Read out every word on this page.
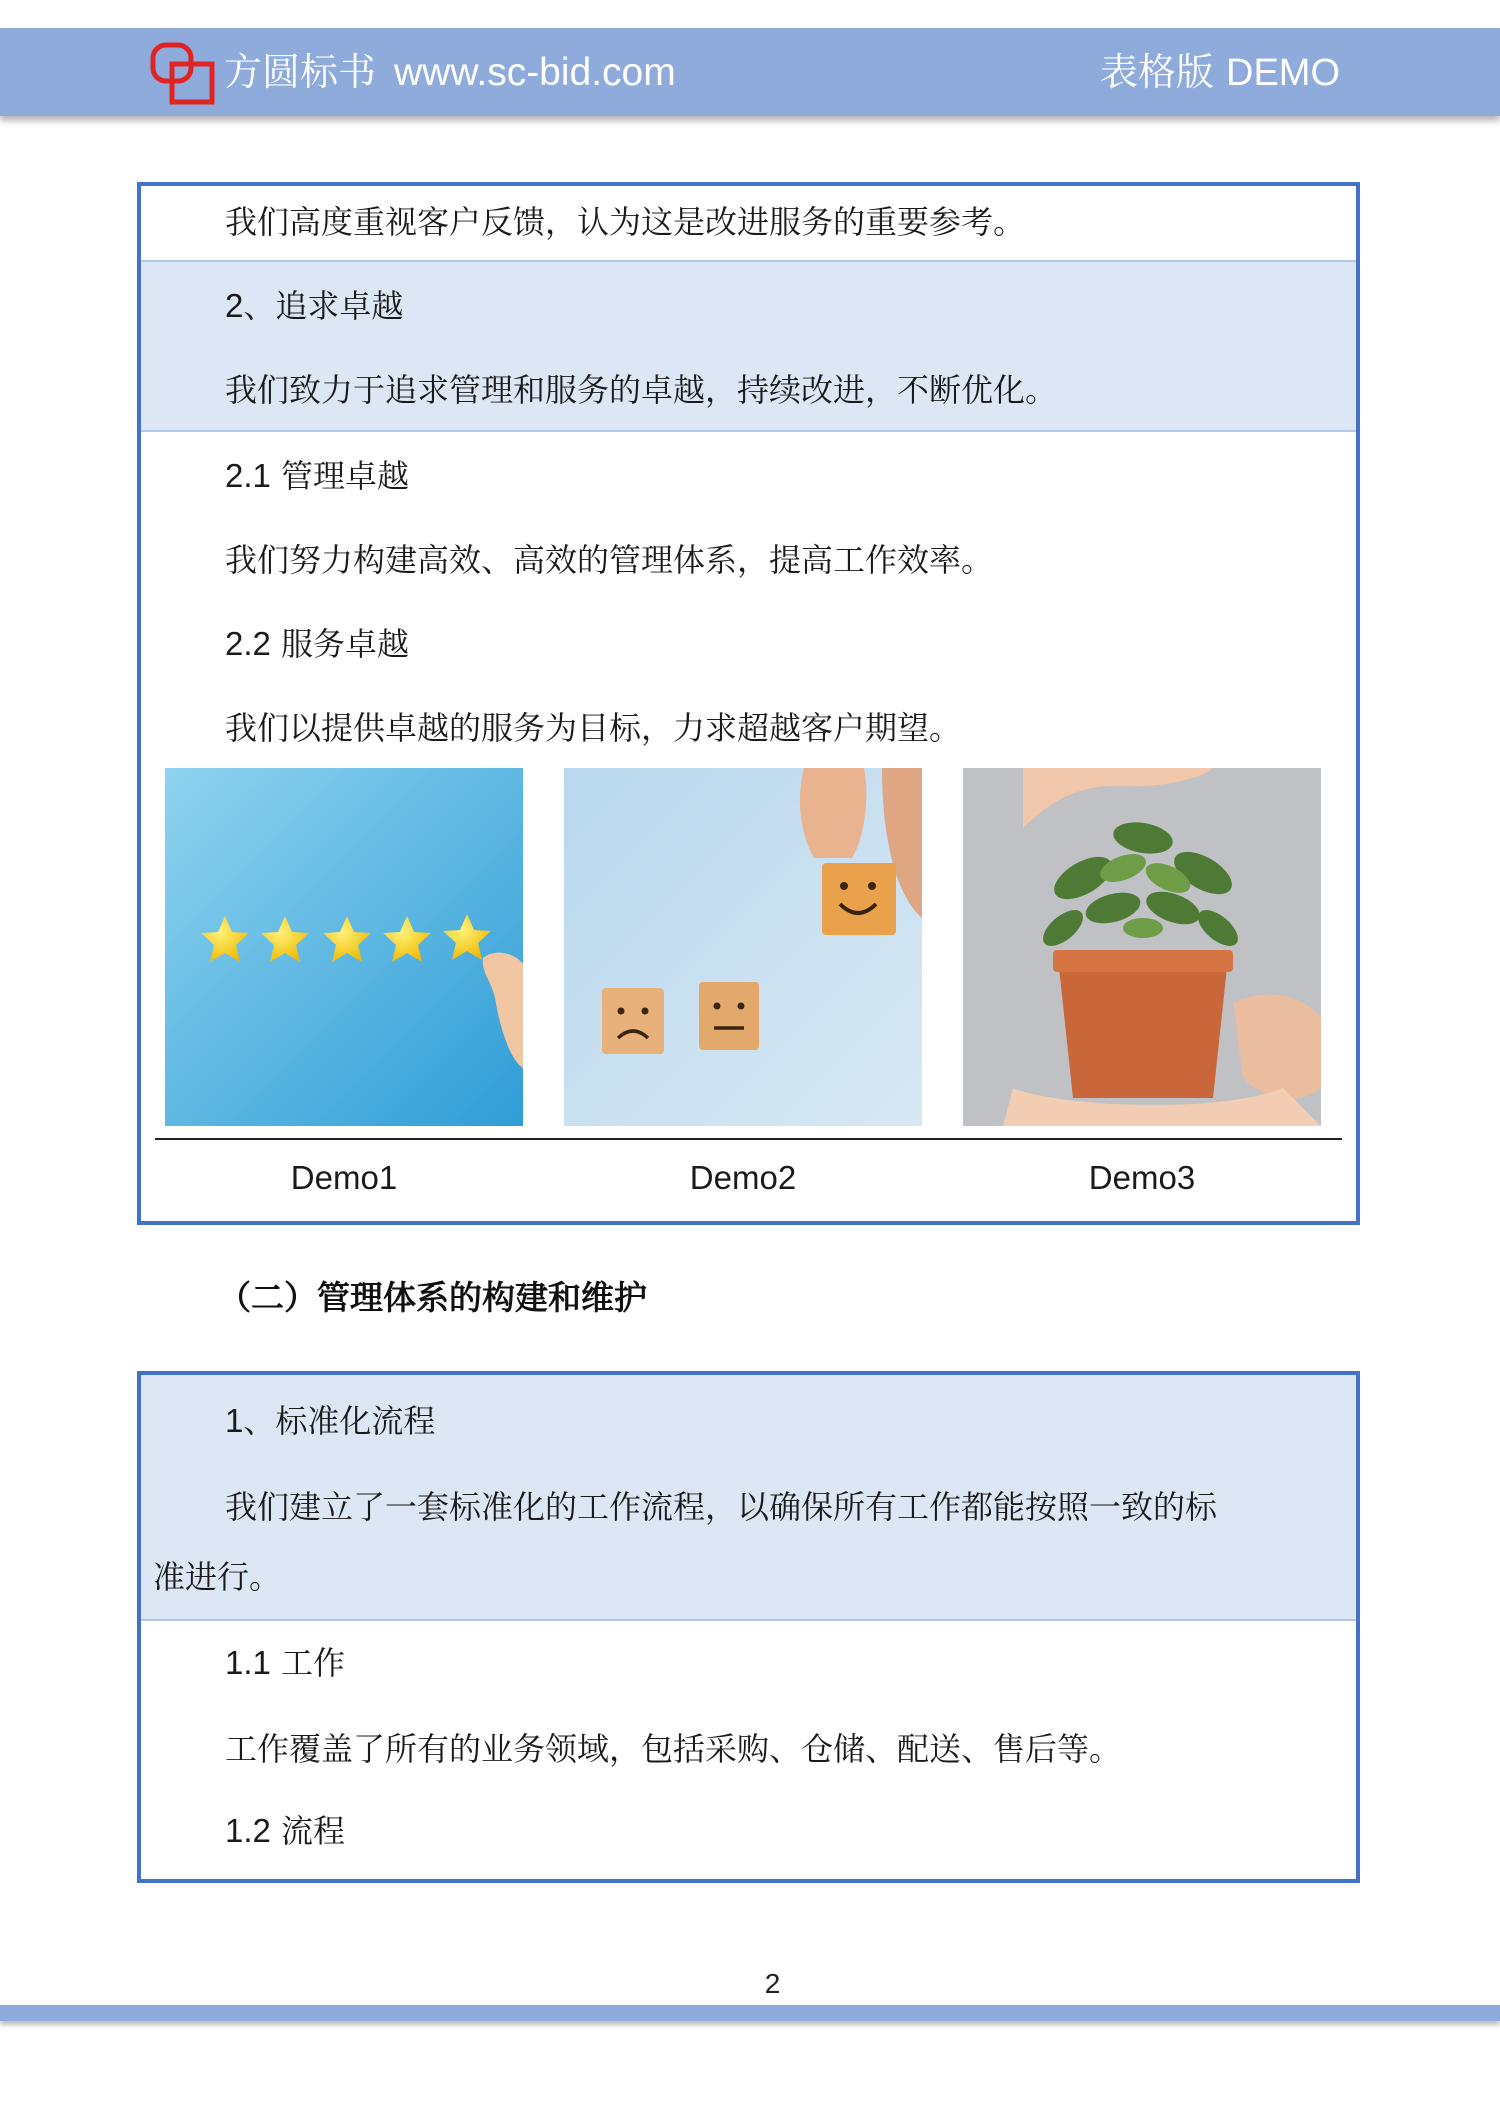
方圆标书 www.sc-bid.com	表格版 DEMO
我们高度重视客户反馈，认为这是改进服务的重要参考。
2、追求卓越
我们致力于追求管理和服务的卓越，持续改进，不断优化。
2.1 管理卓越
我们努力构建高效、高效的管理体系，提高工作效率。
2.2 服务卓越
我们以提供卓越的服务为目标，力求超越客户期望。
Demo1	Demo2	Demo3
（二）管理体系的构建和维护
1、标准化流程
我们建立了一套标准化的工作流程，以确保所有工作都能按照一致的标
准进行。
1.1 工作
工作覆盖了所有的业务领域，包括采购、仓储、配送、售后等。
1.2 流程
2
